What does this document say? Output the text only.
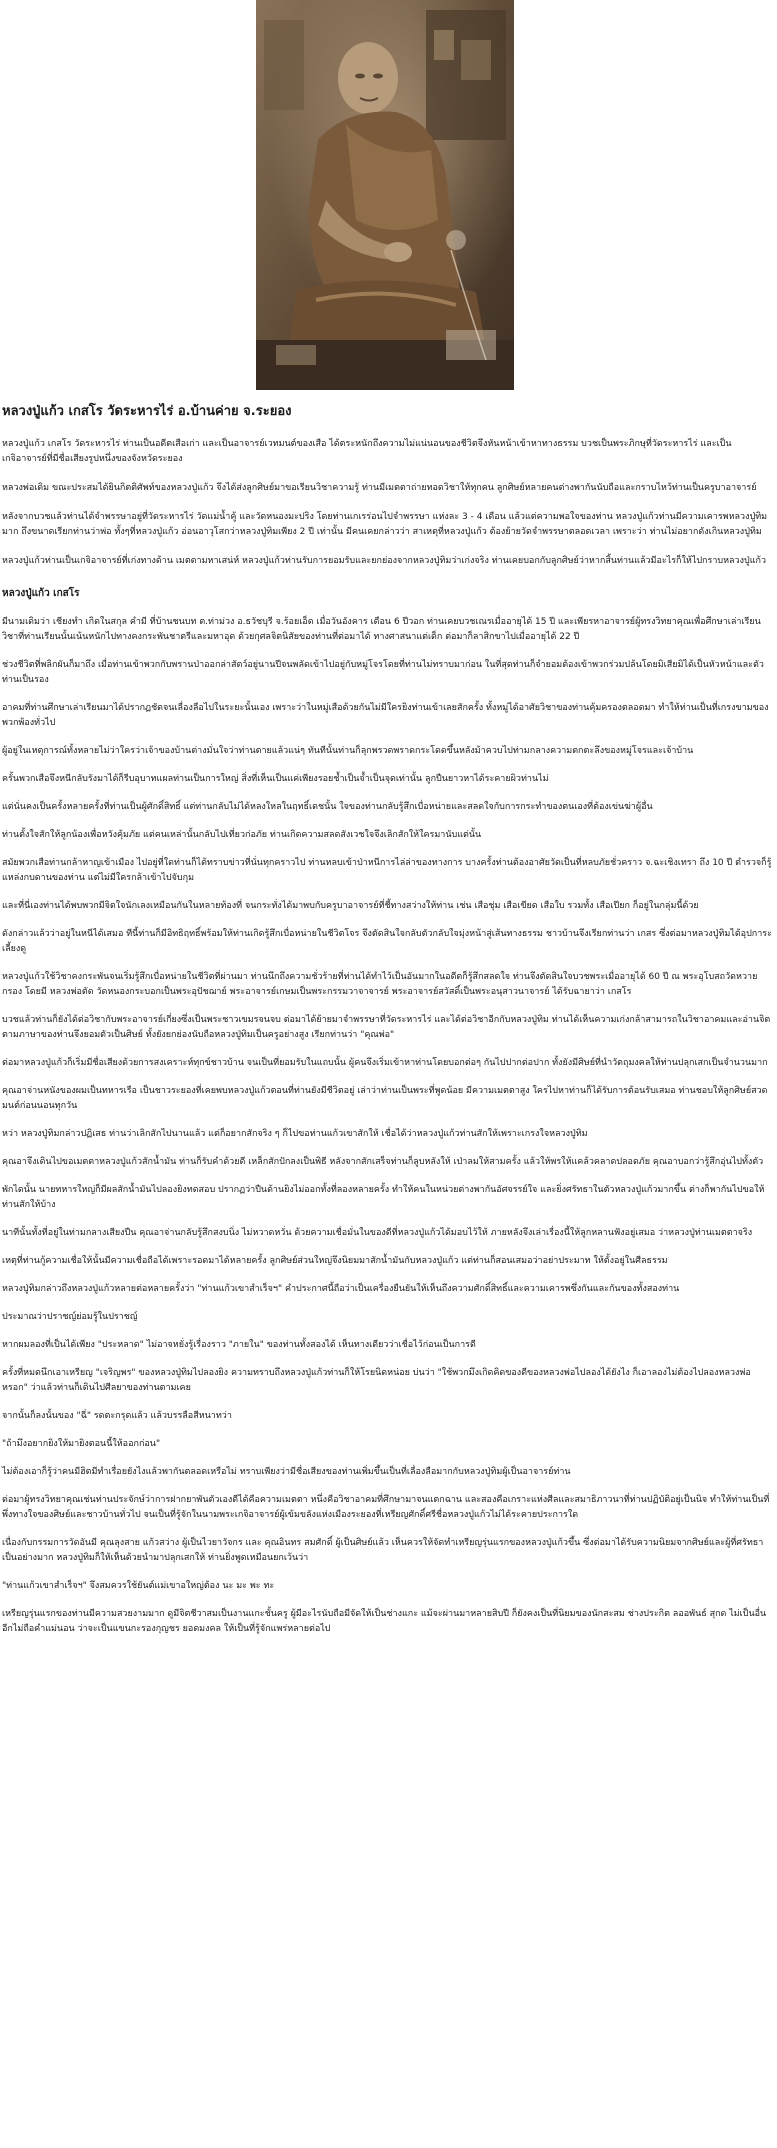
หลวงปู่แก้ว เกสโร วัดระหารไร่ อ.บ้านค่าย จ.ระยอง

หลวงปู่แก้ว เกสโร วัดระหารไร่ ท่านเป็นอดีตเสือเก่า และเป็นอาจารย์เวทมนต์ของเสือ ได้ตระหนักถึงความไม่แน่นอนของชีวิตจึงหันหน้าเข้าหาทางธรรม บวชเป็นพระภิกษุที่วัดระหารไร่ และเป็นเกจิอาจารย์ที่มีชื่อเสียงรูปหนึ่งของจังหวัดระยอง

หลวงพ่อเดิม ขณะประสมได้ยินกิตติศัพท์ของหลวงปู่แก้ว จึงได้ส่งลูกศิษย์มาขอเรียนวิชาความรู้ ท่านมีเมตตาถ่ายทอดวิชาให้ทุกคน ลูกศิษย์หลายคนต่างพากันนับถือและกราบไหว้ท่านเป็นครูบาอาจารย์

หลังจากบวชแล้วท่านได้จำพรรษาอยู่ที่วัดระหารไร่ วัดแม่น้ำคู้ และวัดหนองมะปริง โดยท่านเกเรร่อนไปจำพรรษา แห่งละ 3 - 4 เดือน แล้วแต่ความพอใจของท่าน หลวงปู่แก้วท่านมีความเคารพหลวงปู่ทิมมาก ถึงขนาดเรียกท่านว่าพ่อ ทั้งๆที่หลวงปู่แก้ว อ่อนอาวุโสกว่าหลวงปู่ทิมเพียง 2 ปี เท่านั้น มีคนเคยกล่าวว่า สาเหตุที่หลวงปู่แก้ว ต้องย้ายวัดจำพรรษาตลอดเวลา เพราะว่า ท่านไม่อยากดังเกินหลวงปู่ทิม

หลวงปู่แก้วท่านเป็นเกจิอาจารย์ที่เก่งทางด้าน เมตตามหาเสน่ห์ หลวงปู่แก้วท่านรับการยอมรับและยกย่องจากหลวงปู่ทิมว่าเก่งจริง ท่านเคยบอกกับลูกศิษย์ว่าหากสิ้นท่านแล้วมีอะไรก็ให้ไปกราบหลวงปู่แก้ว

หลวงปู่แก้ว เกสโร

มีนามเดิมว่า เชียงทำ เกิดในสกุล คำมี ที่บ้านชนบท ต.ท่าม่วง อ.ธวัชบุรี จ.ร้อยเอ็ด เมื่อวันอังคาร เดือน 6 ปีวอก ท่านเคยบวชเณรเมื่ออายุได้ 15 ปี และเพียรหาอาจารย์ผู้ทรงวิทยาคุณเพื่อศึกษาเล่าเรียน วิชาที่ท่านเรียนนั้นเน้นหนักไปทางคงกระพันชาตรีและมหาอุด ด้วยกุศลจิตนิสัยของท่านที่ต่อมาได้ ทางศาสนาแต่เด็ก ต่อมาก็ลาสิกขาไปเมื่ออายุได้ 22 ปี

ช่วงชีวิตที่พลิกผันก็มาถึง เมื่อท่านเข้าพวกกับพรานป่าออกล่าสัตว์อยู่นานปีจนพลัดเข้าไปอยู่กับหมู่โจรโดยที่ท่านไม่ทราบมาก่อน ในที่สุดท่านก็จำยอมต้องเข้าพวกร่วมปล้นโดยมิเสียมิได้เป็นหัวหน้าและตัวท่านเป็นรอง

อาคมที่ท่านศึกษาเล่าเรียนมาได้ปรากฏชัดจนเลื่องลือไปในระยะนั้นเอง เพราะว่าในหมู่เสือด้วยกันไม่มีใครยิงท่านเข้าเลยสักครั้ง ทั้งหมู่ได้อาศัยวิชาของท่านคุ้มครองตลอดมา ทำให้ท่านเป็นที่เกรงขามของพวกพ้องทั่วไป

ผู้อยู่ในเหตุการณ์ทั้งหลายไม่ว่าใครว่าเจ้าของบ้านต่างมั่นใจว่าท่านตายแล้วแน่ๆ ทันทีนั้นท่านก็ลุกพรวดพราดกระโดดขึ้นหลังม้าควบไปท่ามกลางความตกตะลึงของหมู่โจรและเจ้าบ้าน

ครั้นพวกเสือจึงหนีกลับรังมาได้ก็รีบอุบาทแผลท่านเป็นการใหญ่ สิ่งที่เห็นเป็นแค่เพียงรอยช้ำเป็นจ้ำเป็นจุดเท่านั้น ลูกปืนยาวหาได้ระคายผิวท่านไม่

แต่นั่นคงเป็นครั้งหลายครั้งที่ท่านเป็นผู้ศักดิ์สิทธิ์ แต่ท่านกลับไม่ได้หลงใหลในฤทธิ์เดชนั้น ใจของท่านกลับรู้สึกเบื่อหน่ายและสลดใจกับการกระทำของตนเองที่ต้องเข่นฆ่าผู้อื่น

ท่านตั้งใจสักให้ลูกน้องเพื่อหวังคุ้มภัย แต่คนเหล่านั้นกลับไปเที่ยวก่อภัย ท่านเกิดความสลดสังเวชใจจึงเลิกสักให้ใครมานับแต่นั้น

สมัยพวกเสือท่านกล้าหาญเข้าเมือง ไปอยู่ที่ใดท่านก็ได้ทราบข่าวที่นั่นทุกคราวไป ท่านหลบเข้าป่าหนีการไล่ล่าของทางการ บางครั้งท่านต้องอาศัยวัดเป็นที่หลบภัยชั่วคราว จ.ฉะเชิงเทรา ถึง 10 ปี ตำรวจก็รู้แหล่งกบดานของท่าน แต่ไม่มีใครกล้าเข้าไปจับกุม

และที่นี่เองท่านได้พบพวกมีจิตใจนักเลงเหมือนกันในหลายท้องที่ จนกระทั่งได้มาพบกับครูบาอาจารย์ที่ชี้ทางสว่างให้ท่าน เช่น เสือชุ่ม เสือเขียด เสือใบ รวมทั้ง เสือเปียก ก็อยู่ในกลุ่มนี้ด้วย

ดังกล่าวแล้วว่าอยู่ในหนีได้เสมอ ทีนี้ท่านก็มีอิทธิฤทธิ์พร้อมให้ท่านเกิดรู้สึกเบื่อหน่ายในชีวิตโจร จึงตัดสินใจกลับตัวกลับใจมุ่งหน้าสู่เส้นทางธรรม ชาวบ้านจึงเรียกท่านว่า เกสร ซึ่งต่อมาหลวงปู่ทิมได้อุปการะเลี้ยงดู

หลวงปู่แก้วใช้วิชาคงกระพันจนเริ่มรู้สึกเบื่อหน่ายในชีวิตที่ผ่านมา ท่านนึกถึงความชั่วร้ายที่ท่านได้ทำไว้เป็นอันมากในอดีตก็รู้สึกสลดใจ ท่านจึงตัดสินใจบวชพระเมื่ออายุได้ 60 ปี ณ พระอุโบสถวัดหวายกรอง โดยมี หลวงพ่อตัด วัดหนองกระบอกเป็นพระอุปัชฌาย์ พระอาจารย์เกษมเป็นพระกรรมวาจาจารย์ พระอาจารย์สวัสดิ์เป็นพระอนุสาวนาจารย์ ได้รับฉายาว่า เกสโร

บวชแล้วท่านก็ยังได้ต่อวิชากับพระอาจารย์เกี่ยงซึ่งเป็นพระชาวเขมรจนจบ ต่อมาได้ย้ายมาจำพรรษาที่วัดระหารไร่ และได้ต่อวิชาอีกกับหลวงปู่ทิม ท่านได้เห็นความเก่งกล้าสามารถในวิชาอาคมและอ่านจิตตามภาษาของท่านจึงยอมตัวเป็นศิษย์ ทั้งยังยกย่องนับถือหลวงปู่ทิมเป็นครูอย่างสูง เรียกท่านว่า "คุณพ่อ"

ต่อมาหลวงปู่แก้วก็เริ่มมีชื่อเสียงด้วยการสงเคราะห์ทุกข์ชาวบ้าน จนเป็นที่ยอมรับในแถบนั้น ผู้คนจึงเริ่มเข้าหาท่านโดยบอกต่อๆ กันไปปากต่อปาก ทั้งยังมีศิษย์ที่นำวัตถุมงคลให้ท่านปลุกเสกเป็นจำนวนมาก

คุณอาจ่านหนังของผมเป็นทหารเรือ เป็นชาวระยองที่เคยพบหลวงปู่แก้วตอนที่ท่านยังมีชีวิตอยู่ เล่าว่าท่านเป็นพระที่พูดน้อย มีความเมตตาสูง ใครไปหาท่านก็ได้รับการต้อนรับเสมอ ท่านชอบให้ลูกศิษย์สวดมนต์ก่อนนอนทุกวัน

หว่า หลวงปู่ทิมกล่าวปฏิเสธ ท่านว่าเลิกสักไปนานแล้ว แต่ก็อยากสักจริง ๆ ก็ไปขอท่านแก้วเขาสักให้ เชื่อได้ว่าหลวงปู่แก้วท่านสักให้เพราะเกรงใจหลวงปู่ทิม

คุณอาจึงเดินไปขอเมตตาหลวงปู่แก้วสักน้ำมัน ท่านก็รับคำด้วยดี เหล็กสักปักลงเป็นพิธี หลังจากสักเสร็จท่านก็ลูบหลังให้ เป่าลมให้สามครั้ง แล้วให้พรให้แคล้วคลาดปลอดภัย คุณอาบอกว่ารู้สึกอุ่นไปทั้งตัว

พักไดนั้น นายทหารใหญ่ก็มีผลสักน้ำมันไปลองยิงทดสอบ ปรากฏว่าปืนด้านยิงไม่ออกทั้งที่ลองหลายครั้ง ทำให้คนในหน่วยต่างพากันอัศจรรย์ใจ และยิ่งศรัทธาในตัวหลวงปู่แก้วมากขึ้น ต่างก็พากันไปขอให้ท่านสักให้บ้าง

นาทีนั้นทั้งที่อยู่ในท่ามกลางเสียงปืน คุณอาจ่านกลับรู้สึกสงบนิ่ง ไม่หวาดหวั่น ด้วยความเชื่อมั่นในของดีที่หลวงปู่แก้วได้มอบไว้ให้ ภายหลังจึงเล่าเรื่องนี้ให้ลูกหลานฟังอยู่เสมอ ว่าหลวงปู่ท่านเมตตาจริง

เหตุที่ท่านกู้ความเชื่อให้นั้นมีความเชื่อถือได้เพราะรอดมาได้หลายครั้ง ลูกศิษย์ส่วนใหญ่จึงนิยมมาสักน้ำมันกับหลวงปู่แก้ว แต่ท่านก็สอนเสมอว่าอย่าประมาท ให้ตั้งอยู่ในศีลธรรม

หลวงปู่ทิมกล่าวถึงหลวงปู่แก้วหลายต่อหลายครั้งว่า "ท่านแก้วเขาสำเร็จฯ" คำประกาศนี้ถือว่าเป็นเครื่องยืนยันให้เห็นถึงความศักดิ์สิทธิ์และความเคารพซึ่งกันและกันของทั้งสองท่าน

ประมาณว่าปราชญ์ย่อมรู้ในปราชญ์

หากผมลองที่เป็นได้เพียง "ประหลาด" ไม่อาจหยั่งรู้เรื่องราว "ภายใน" ของท่านทั้งสองได้ เห็นทางเดียวว่าเชื่อไว้ก่อนเป็นการดี

ครั้งที่หมดนึกเอาเหรียญ "เจริญพร" ของหลวงปู่ทิมไปลองยิง ความทราบถึงหลวงปู่แก้วท่านก็ให้โรยนิดหน่อย บ่นว่า "ใช้พวกมึงเกิดคิดของดีของหลวงพ่อไปลองได้ยังไง ก็เอาลองไม่ต้องไปลองหลวงพ่อหรอก" ว่าแล้วท่านก็เดินไปศีลยาของท่านตามเคย

จากนั้นก็ลงนั้นของ "ฉี่" รดตะกรุดแล้ว แล้วบรรลือสีหนาทว่า

"ถ้ามึงอยากยิงให้มายิงตอนนี้ให้ออกก่อน"

ไม่ต้องเอาก็รู้ว่าคนมีฮิตมีทำเรื่อยยังไงแล้วพากันตลอดเหรือไม่ ทราบเพียงว่ามีชื่อเสียงของท่านเพิ่มขึ้นเป็นที่เลื่องลือมากกับหลวงปู่ทิมผู้เป็นอาจารย์ท่าน

ต่อมาผู้ทรงวิทยาคุณเช่นท่านประจักษ์ว่าการฝากยาพันตัวเองดีได้คือความเมตตา หนึ่งคือวิชาอาคมที่ศึกษามาจนแตกฉาน และสองคือเกราะแห่งศีลและสมาธิภาวนาที่ท่านปฏิบัติอยู่เป็นนิจ ทำให้ท่านเป็นที่พึ่งทางใจของศิษย์และชาวบ้านทั่วไป จนเป็นที่รู้จักในนามพระเกจิอาจารย์ผู้เข้มขลังแห่งเมืองระยองที่เหรียญศักดิ์ศรีชื่อหลวงปู่แก้วไม่ได้ระคายประการใด

เนื่องกับกรรมการวัดอันมี คุณลุงสาย แก้วสว่าง ผู้เป็นไวยาวัจกร และ คุณอินทร สมศักดิ์ ผู้เป็นศิษย์แล้ว เห็นควรให้จัดทำเหรียญรุ่นแรกของหลวงปู่แก้วขึ้น ซึ่งต่อมาได้รับความนิยมจากศิษย์และผู้ที่ศรัทธาเป็นอย่างมาก หลวงปู่ทิมก็ให้เห็นด้วยนำมาปลุกเสกให้ ท่านยิ่งพูดเหมือนยกเว้นว่า

"ท่านแก้วเขาสำเร็จฯ" จึงสมควรใช้ยันต์แม่เขาอใหญ่ต้อง นะ มะ พะ ทะ

เหรียญรุ่นแรกของท่านมีความสวยงามมาก ดูมีจิตชีวาสมเป็นงานแกะชั้นครู ผู้มีอะไรนับถือมีจัดให้เป็นช่างแกะ แม้จะผ่านมาหลายสิบปี ก็ยังคงเป็นที่นิยมของนักสะสม ช่างประกิต ลออพันธ์ สุกด ไม่เป็นอื่น อีกไม่ถือคำแม่นอน ว่าจะเป็นแขนกะรองกุญชร ยอดมงคล ให้เป็นที่รู้จักแพร่หลายต่อไป
